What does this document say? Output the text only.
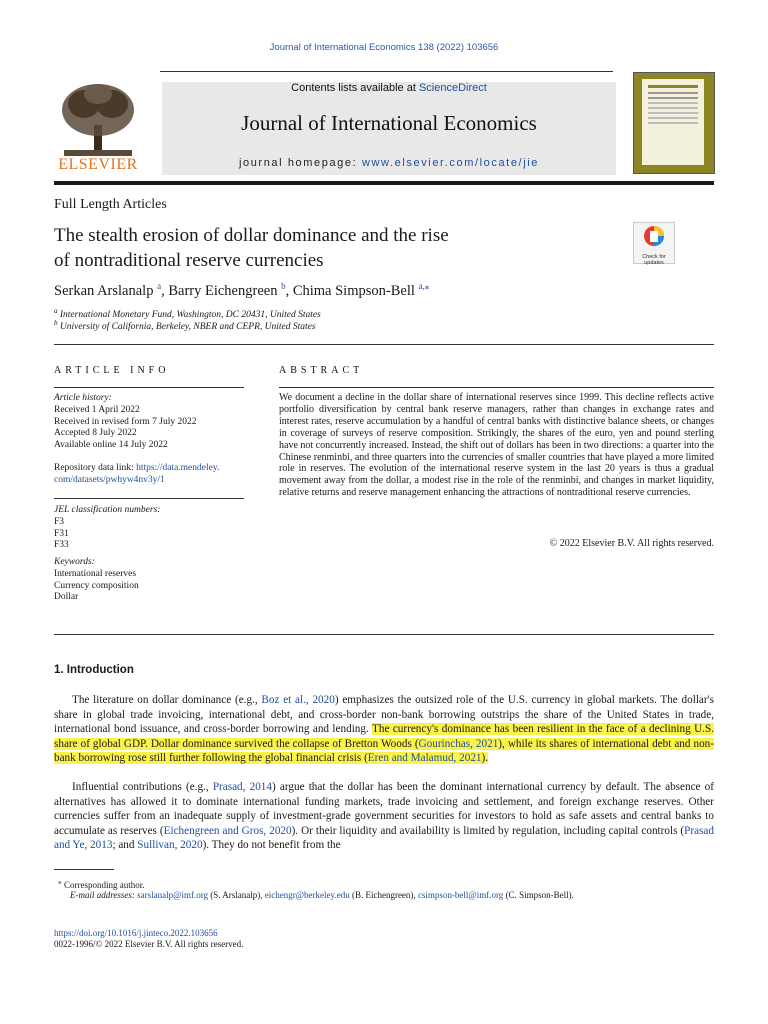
Journal of International Economics 138 (2022) 103656
ELSEVIER
Contents lists available at ScienceDirect
Journal of International Economics
journal homepage: www.elsevier.com/locate/jie
Full Length Articles
The stealth erosion of dollar dominance and the rise
of nontraditional reserve currencies	Check for updates
Serkan Arslanalp $^a$, Barry Eichengreen $^b$, Chima Simpson-Bell $^{a,⁎}$
$^a$ International Monetary Fund, Washington, DC 20431, United States
$^b$ University of California, Berkeley, NBER and CEPR, United States
ARTICLE INFO
Article history:
Received 1 April 2022
Received in revised form 7 July 2022
Accepted 8 July 2022
Available online 14 July 2022
Repository data link: https://data.mendeley.
com/datasets/pwhyw4nv3y/1
JEL classification numbers:
F3
F31
F33
Keywords:
International reserves
Currency composition
Dollar
ABSTRACT
We document a decline in the dollar share of international reserves since 1999. This decline reflects active portfolio diversification by central bank reserve managers, rather than changes in exchange rates and interest rates, reserve accumulation by a handful of central banks with distinctive balance sheets, or changes in coverage of surveys of reserve composition. Strikingly, the shares of the euro, yen and pound sterling have not concurrently increased. Instead, the shift out of dollars has been in two directions: a quarter into the Chinese renminbi, and three quarters into the currencies of smaller countries that have played a more limited role in reserves. The evolution of the international reserve system in the last 20 years is thus a gradual movement away from the dollar, a modest rise in the role of the renminbi, and changes in market liquidity, relative returns and reserve management enhancing the attractions of nontraditional reserve currencies.
© 2022 Elsevier B.V. All rights reserved.
1. Introduction
The literature on dollar dominance (e.g., Boz et al., 2020) emphasizes the outsized role of the U.S. currency in global markets. The dollar's share in global trade invoicing, international debt, and cross-border non-bank borrowing outstrips the share of the United States in trade, international bond issuance, and cross-border borrowing and lending. The currency's dominance has been resilient in the face of a declining U.S. share of global GDP. Dollar dominance survived the collapse of Bretton Woods (Gourinchas, 2021), while its shares of international debt and non-bank borrowing rose still further following the global financial crisis (Eren and Malamud, 2021).
Influential contributions (e.g., Prasad, 2014) argue that the dollar has been the dominant international currency by default. The absence of alternatives has allowed it to dominate international funding markets, trade invoicing and settlement, and foreign exchange reserves. Other currencies suffer from an inadequate supply of investment-grade government securities for investors to hold as safe assets and central banks to accumulate as reserves (Eichengreen and Gros, 2020). Or their liquidity and availability is limited by regulation, including capital controls (Prasad and Ye, 2013; and Sullivan, 2020). They do not benefit from the
⁎ Corresponding author.
E-mail addresses: sarslanalp@imf.org (S. Arslanalp), eichengr@berkeley.edu (B. Eichengreen), csimpson-bell@imf.org (C. Simpson-Bell).
https://doi.org/10.1016/j.jinteco.2022.103656
0022-1996/© 2022 Elsevier B.V. All rights reserved.
